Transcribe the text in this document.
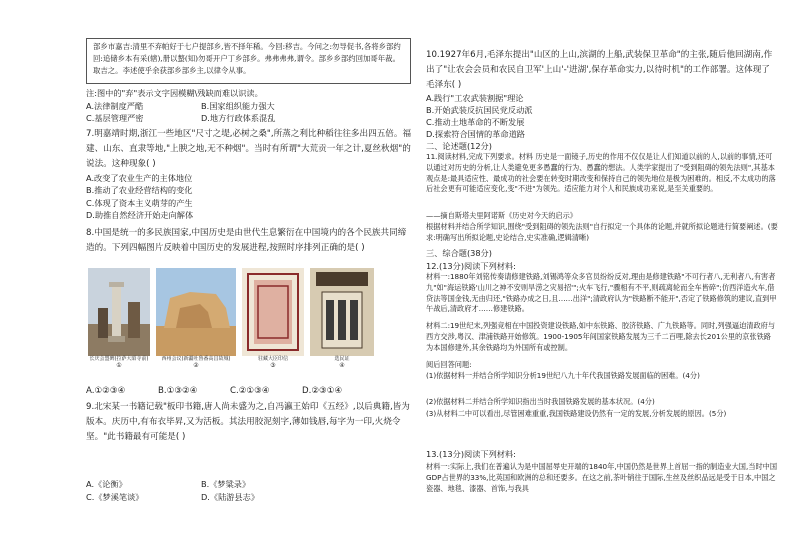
部乡市嘉吉:清里不弃帕好于七户提部乡,皆不择年稀。今回:移吉。今问之:勿导促书,各将乡部约回:追储乡本有采(辖),册以螯(知)勿哥开户丁乡部乡。弗弗弗弗,谓令。部乡乡部约回加哥年裁。取吉之。李述使乎余获部乡部乡主,以律令从事。

注:图中的"弃"表示文字因模糊\残缺而难以识读。

A.法律制度严酷	B.国家组织能力强大
C.基层管理严密	D.地方行政体系混乱

7.明嘉靖时期,浙江一些地区"尺寸之堤,必树之桑",所蒸之利比种稻往往多出四五倍。福建、山东、直隶等地,"上腴之地,无不种烟"。当时有所谓"大荒贡一年之计,夏丝秋烟"的说法。这种现象( )

A.改变了农业生产的主体地位

B.推动了农业经营结构的变化

C.体现了资本主义萌芽的产生

D.助推自然经济开始走向解体

8.中国是统一的多民族国家,中国历史是由世代生息繁衍在中国境内的各个民族共同缔造的。下列四幅图片反映着中国历史的发展进程,按照时序排列正确的是( )

长庆会盟碑(拉萨大昭寺前)
①
西州会议(新疆吐鲁番高昌故城)
②
驻藏大臣印信
③
选民证
④
A.①②③④	B.①③②④	C.②①③④	D.②③①④

9.北宋某一书籍记载"板印书籍,唐人尚未盛为之,自冯瀛王始印《五经》,以后典籍,皆为版本。庆历中,有布衣毕昇,又为活板。其法用胶泥刻字,薄如钱唇,每字为一印,火烧令坚。"此书籍最有可能是( )

A.《论衡》	B.《梦粱录》
C.《梦溪笔谈》	D.《陆游县志》

10.1927年6月,毛泽东提出"山区的上山,滨湖的上船,武装保卫革命"的主张,随后他回湖南,作出了"让农会会员和农民自卫军'上山'-'进湖',保存革命实力,以待时机"的工作部署。这体现了毛泽东( )

A.践行"工农武装割据"理论

B.开始武装反抗国民党反动派

C.推动土地革命的不断发展

D.探索符合国情的革命道路

二、论述题(12分)

11.阅读材料,完成下列要求。材料 历史是一面镜子,历史的作用不仅仅是让人们知道以前的人,以前的事情,还可以通过对历史的分析,让人类避免更多愚蠢的行为、愚蠢的想法。人类学家提出了"受到阻碍的领先法则",其基本观点是:最具适应性、最成功的社会要在转变时期改变和保持自己的领先地位是极为困难的。相反,不太成功的落后社会更有可能适应变化,变"不进"为领先。适应能力对个人和民族成功来说,是至关重要的。

——摘自斯塔夫里阿诺斯《历史对今天的启示》

根据材料并结合所学知识,围绕"受到阻碍的领先法则"自行拟定一个具体的论题,并就所拟论题进行简要阐述。(要求:明确写出所拟论题,史论结合,史实准确,逻辑清晰)

三、综合题(38分)

12.(13分)阅读下列材料:

材料一:1880年刘铭传奏请修建铁路,刘锡鸿等众多官员纷纷反对,理由是修建铁路"不可行者八,无利者八,有害者九"如"海运铁路'山川之神不安则旱涝之灾易招'";火车飞行,"骤相有不平,则疏离轮而全车皆碎";仿西洋造火车,借贷法等国金钱,无由归还,"铁路办成之日,且……出洋";清政府认为"铁路断不能开",否定了铁路修筑的建议,直到甲午战后,清政府才……修建铁路。

材料二:19世纪末,列强竞相在中国投资建设铁路,如中东铁路、胶济铁路、广九铁路等。同时,列强逼迫清政府与西方交涉,粤汉、津浦铁路开始修筑。1900-1905年间国家铁路发展为三千二百哩,除去长201公里的京张铁路为本国修建外,其余铁路均为外国所有或控制。

阅后回答问题:

(1)依据材料一并结合所学知识分析19世纪八九十年代我国铁路发展面临的困难。(4分)

(2)依据材料二并结合所学知识指出当时我国铁路发展的基本状况。(4分)

(3)从材料二中可以看出,尽管困难重重,我国铁路建设仍然有一定的发展,分析发展的原因。(5分)

13.(13分)阅读下列材料:

材料一:实际上,我们在普遍认为是中国屈辱史开端的1840年,中国仍然是世界上首屈一指的制造业大国,当时中国GDP占世界的33%,比英国和欧洲的总和还要多。在这之前,茶叶销往于国际,生丝及丝织品远是受于日本,中国之瓷器、地毯、漆器、首饰,与我具
